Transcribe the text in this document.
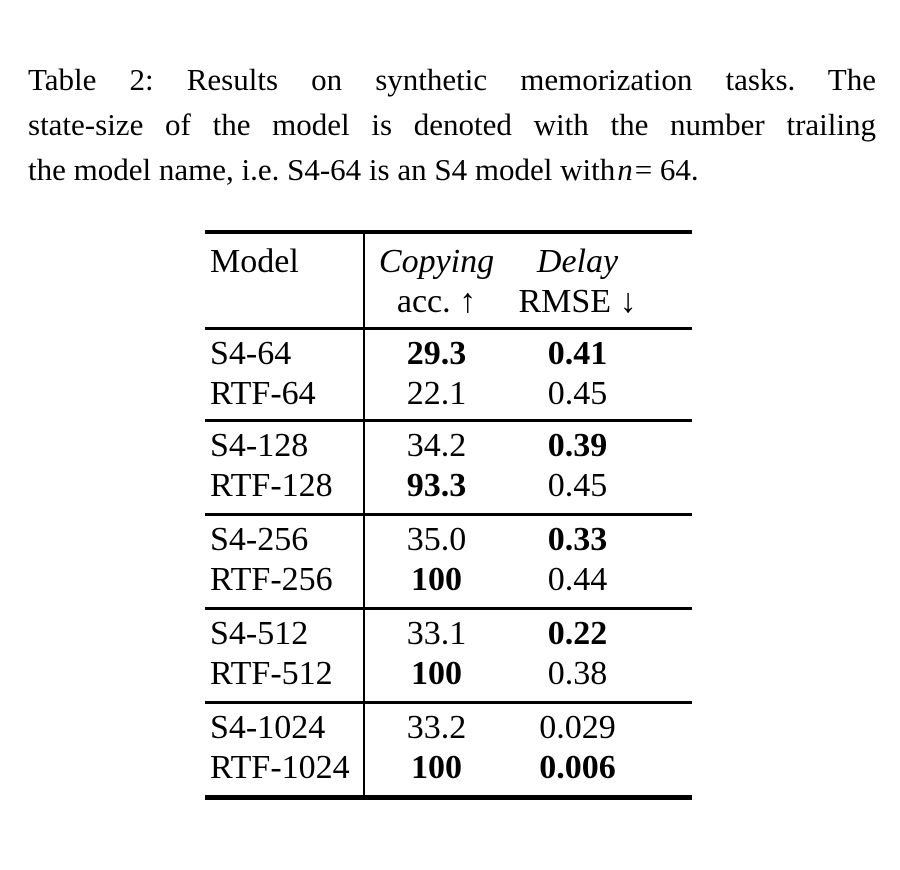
Table 2: Results on synthetic memorization tasks. The
state-size of the model is denoted with the number trailing
the model name, i.e. S4-64 is an S4 model withn= 64.
Model	Copying	Delay
acc. ↑	RMSE ↓
S4-64	29.3	0.41
RTF-64	22.1	0.45
S4-128	34.2	0.39
RTF-128	93.3	0.45
S4-256	35.0	0.33
RTF-256	100	0.44
S4-512	33.1	0.22
RTF-512	100	0.38
S4-1024	33.2	0.029
RTF-1024	100	0.006
